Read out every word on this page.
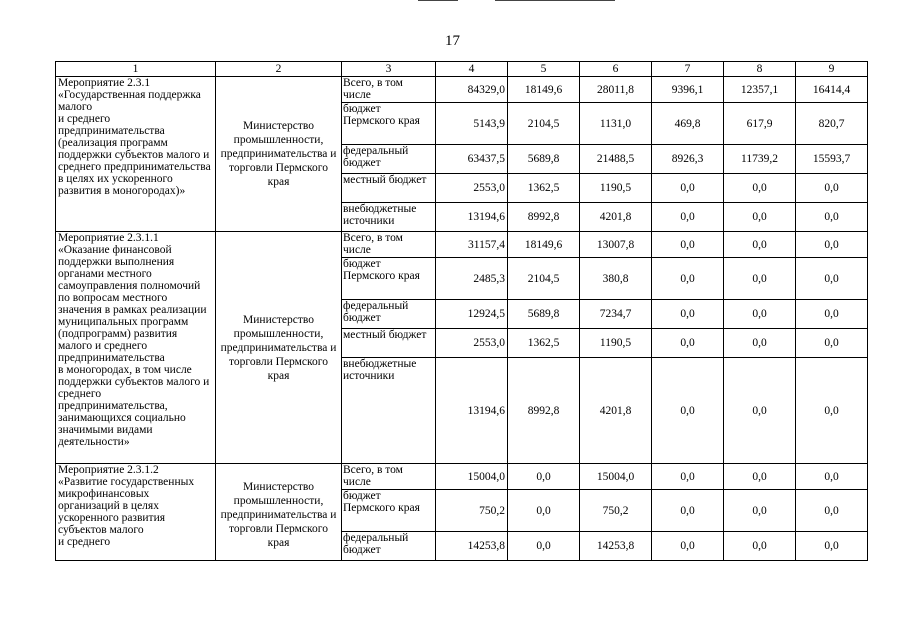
17
1	2	3	4	5	6	7	8	9
Мероприятие 2.3.1
«Государственная поддержка малого
и среднего предпринимательства
(реализация программ поддержки субъектов малого и среднего предпринимательства
в целях их ускоренного развития в моногородах)»	Министерство промышленности, предпринимательства и торговли Пермского края	Всего, в том числе	84329,0	18149,6	28011,8	9396,1	12357,1	16414,4
		бюджет Пермского края	5143,9	2104,5	1131,0	469,8	617,9	820,7
		федеральный бюджет	63437,5	5689,8	21488,5	8926,3	11739,2	15593,7
		местный бюджет	2553,0	1362,5	1190,5	0,0	0,0	0,0
		внебюджетные источники	13194,6	8992,8	4201,8	0,0	0,0	0,0
Мероприятие 2.3.1.1
«Оказание финансовой поддержки выполнения органами местного самоуправления полномочий по вопросам местного значения в рамках реализации муниципальных программ (подпрограмм) развития малого и среднего предпринимательства
в моногородах, в том числе поддержки субъектов малого и среднего предпринимательства, занимающихся социально значимыми видами деятельности»	Министерство промышленности, предпринимательства и торговли Пермского края	Всего, в том числе	31157,4	18149,6	13007,8	0,0	0,0	0,0
		бюджет Пермского края	2485,3	2104,5	380,8	0,0	0,0	0,0
		федеральный бюджет	12924,5	5689,8	7234,7	0,0	0,0	0,0
		местный бюджет	2553,0	1362,5	1190,5	0,0	0,0	0,0
		внебюджетные источники	13194,6	8992,8	4201,8	0,0	0,0	0,0
Мероприятие 2.3.1.2
«Развитие государственных микрофинансовых организаций в целях ускоренного развития субъектов малого
и среднего	Министерство промышленности, предпринимательства и торговли Пермского края	Всего, в том числе	15004,0	0,0	15004,0	0,0	0,0	0,0
		бюджет Пермского края	750,2	0,0	750,2	0,0	0,0	0,0
		федеральный бюджет	14253,8	0,0	14253,8	0,0	0,0	0,0
